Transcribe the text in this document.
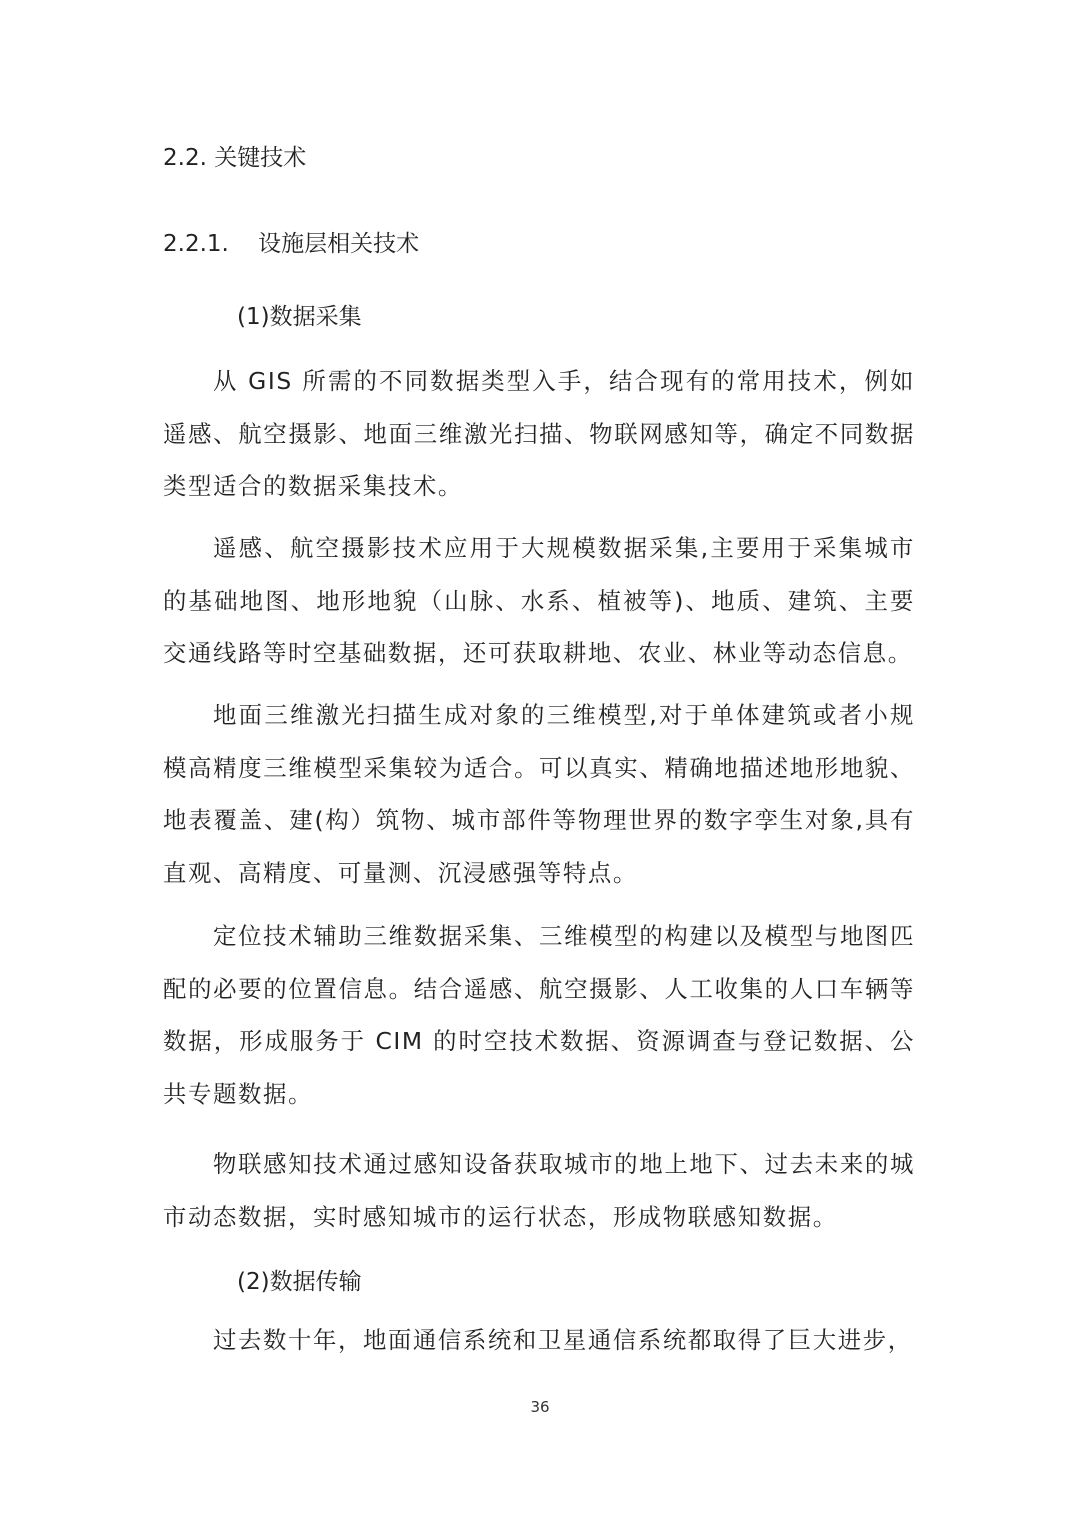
2.2. 关键技术
2.2.1. 设施层相关技术
(1)数据采集

从 GIS 所需的不同数据类型入手，结合现有的常用技术，例如遥感、航空摄影、地面三维激光扫描、物联网感知等，确定不同数据类型适合的数据采集技术。

遥感、航空摄影技术应用于大规模数据采集,主要用于采集城市的基础地图、地形地貌（山脉、水系、植被等)、地质、建筑、主要交通线路等时空基础数据，还可获取耕地、农业、林业等动态信息。

地面三维激光扫描生成对象的三维模型,对于单体建筑或者小规模高精度三维模型采集较为适合。可以真实、精确地描述地形地貌、地表覆盖、建(构）筑物、城市部件等物理世界的数字孪生对象,具有直观、高精度、可量测、沉浸感强等特点。

定位技术辅助三维数据采集、三维模型的构建以及模型与地图匹配的必要的位置信息。结合遥感、航空摄影、人工收集的人口车辆等数据，形成服务于 CIM 的时空技术数据、资源调查与登记数据、公共专题数据。

物联感知技术通过感知设备获取城市的地上地下、过去未来的城市动态数据，实时感知城市的运行状态，形成物联感知数据。

(2)数据传输

过去数十年，地面通信系统和卫星通信系统都取得了巨大进步，

36
